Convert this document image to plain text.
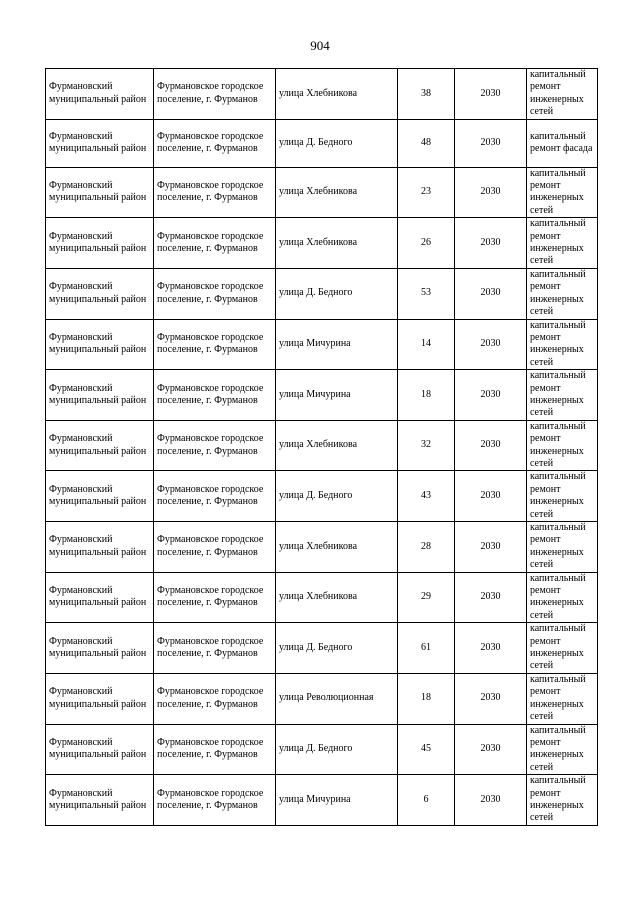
904
Фурмановский муниципальный район	Фурмановское городское поселение, г. Фурманов	улица Хлебникова	38	2030	капитальный ремонт инженерных сетей
Фурмановский муниципальный район	Фурмановское городское поселение, г. Фурманов	улица Д. Бедного	48	2030	капитальный ремонт фасада
Фурмановский муниципальный район	Фурмановское городское поселение, г. Фурманов	улица Хлебникова	23	2030	капитальный ремонт инженерных сетей
Фурмановский муниципальный район	Фурмановское городское поселение, г. Фурманов	улица Хлебникова	26	2030	капитальный ремонт инженерных сетей
Фурмановский муниципальный район	Фурмановское городское поселение, г. Фурманов	улица Д. Бедного	53	2030	капитальный ремонт инженерных сетей
Фурмановский муниципальный район	Фурмановское городское поселение, г. Фурманов	улица Мичурина	14	2030	капитальный ремонт инженерных сетей
Фурмановский муниципальный район	Фурмановское городское поселение, г. Фурманов	улица Мичурина	18	2030	капитальный ремонт инженерных сетей
Фурмановский муниципальный район	Фурмановское городское поселение, г. Фурманов	улица Хлебникова	32	2030	капитальный ремонт инженерных сетей
Фурмановский муниципальный район	Фурмановское городское поселение, г. Фурманов	улица Д. Бедного	43	2030	капитальный ремонт инженерных сетей
Фурмановский муниципальный район	Фурмановское городское поселение, г. Фурманов	улица Хлебникова	28	2030	капитальный ремонт инженерных сетей
Фурмановский муниципальный район	Фурмановское городское поселение, г. Фурманов	улица Хлебникова	29	2030	капитальный ремонт инженерных сетей
Фурмановский муниципальный район	Фурмановское городское поселение, г. Фурманов	улица Д. Бедного	61	2030	капитальный ремонт инженерных сетей
Фурмановский муниципальный район	Фурмановское городское поселение, г. Фурманов	улица Революционная	18	2030	капитальный ремонт инженерных сетей
Фурмановский муниципальный район	Фурмановское городское поселение, г. Фурманов	улица Д. Бедного	45	2030	капитальный ремонт инженерных сетей
Фурмановский муниципальный район	Фурмановское городское поселение, г. Фурманов	улица Мичурина	6	2030	капитальный ремонт инженерных сетей
